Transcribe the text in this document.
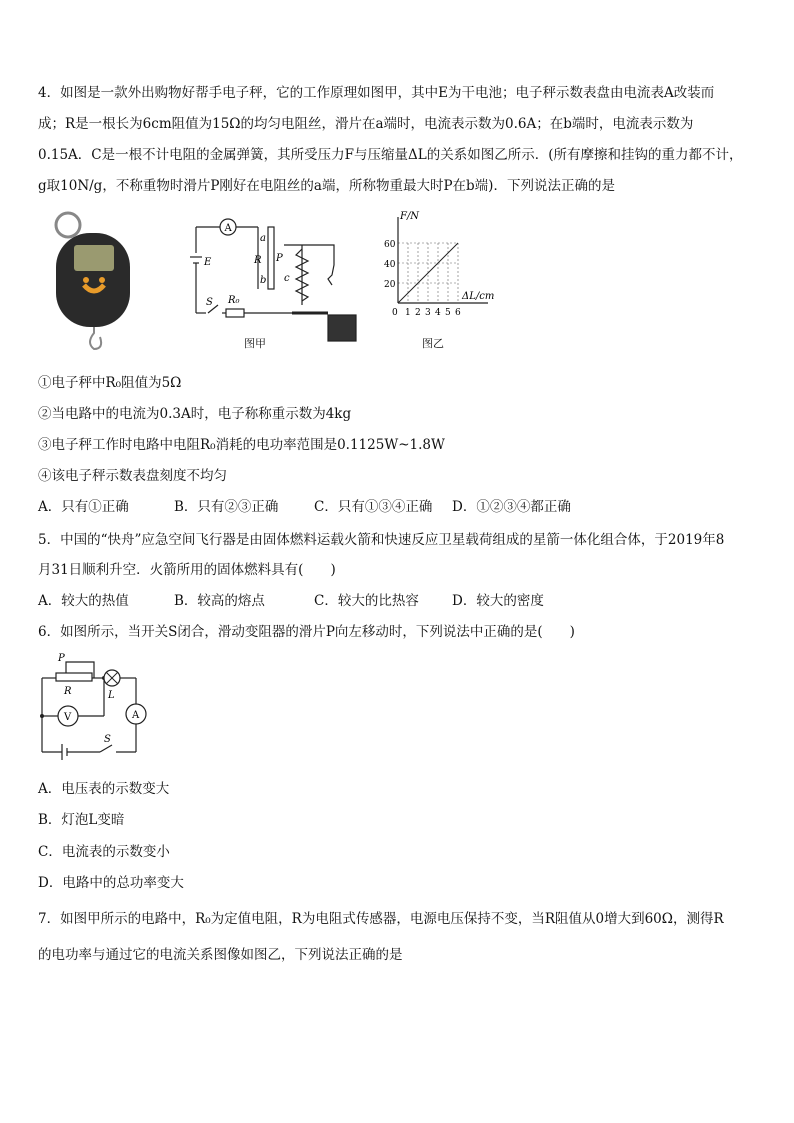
4．如图是一款外出购物好帮手电子秤，它的工作原理如图甲，其中E为干电池；电子秤示数表盘由电流表A改装而
成；R是一根长为6cm阻值为15Ω的均匀电阻丝，滑片在a端时，电流表示数为0.6A；在b端时，电流表示数为
0.15A．C是一根不计电阻的金属弹簧，其所受压力F与压缩量ΔL的关系如图乙所示．(所有摩擦和挂钩的重力都不计，
g取10N/g，不称重物时滑片P刚好在电阻丝的a端，所称物重最大时P在b端)．下列说法正确的是
A
E
S R₀
a
R
b
P
c
图甲
F/N
ΔL/cm
20
40
60
0 1 2 3 4 5 6
图乙
①电子秤中R₀阻值为5Ω
②当电路中的电流为0.3A时，电子称称重示数为4kg
③电子秤工作时电路中电阻R₀消耗的电功率范围是0.1125W~1.8W
④该电子秤示数表盘刻度不均匀
A．只有①正确	B．只有②③正确	C．只有①③④正确 D．①②③④都正确
5．中国的“快舟”应急空间飞行器是由固体燃料运载火箭和快速反应卫星载荷组成的星箭一体化组合体，于2019年8
月31日顺利升空．火箭所用的固体燃料具有(　　)
A．较大的热值	B．较高的熔点	C．较大的比热容 D．较大的密度
6．如图所示，当开关S闭合，滑动变阻器的滑片P向左移动时，下列说法中正确的是(　　)
P
R	L
V	A
S
A．电压表的示数变大
B．灯泡L变暗
C．电流表的示数变小
D．电路中的总功率变大
7．如图甲所示的电路中，R₀为定值电阻，R为电阻式传感器，电源电压保持不变，当R阻值从0增大到60Ω，测得R
的电功率与通过它的电流关系图像如图乙，下列说法正确的是
